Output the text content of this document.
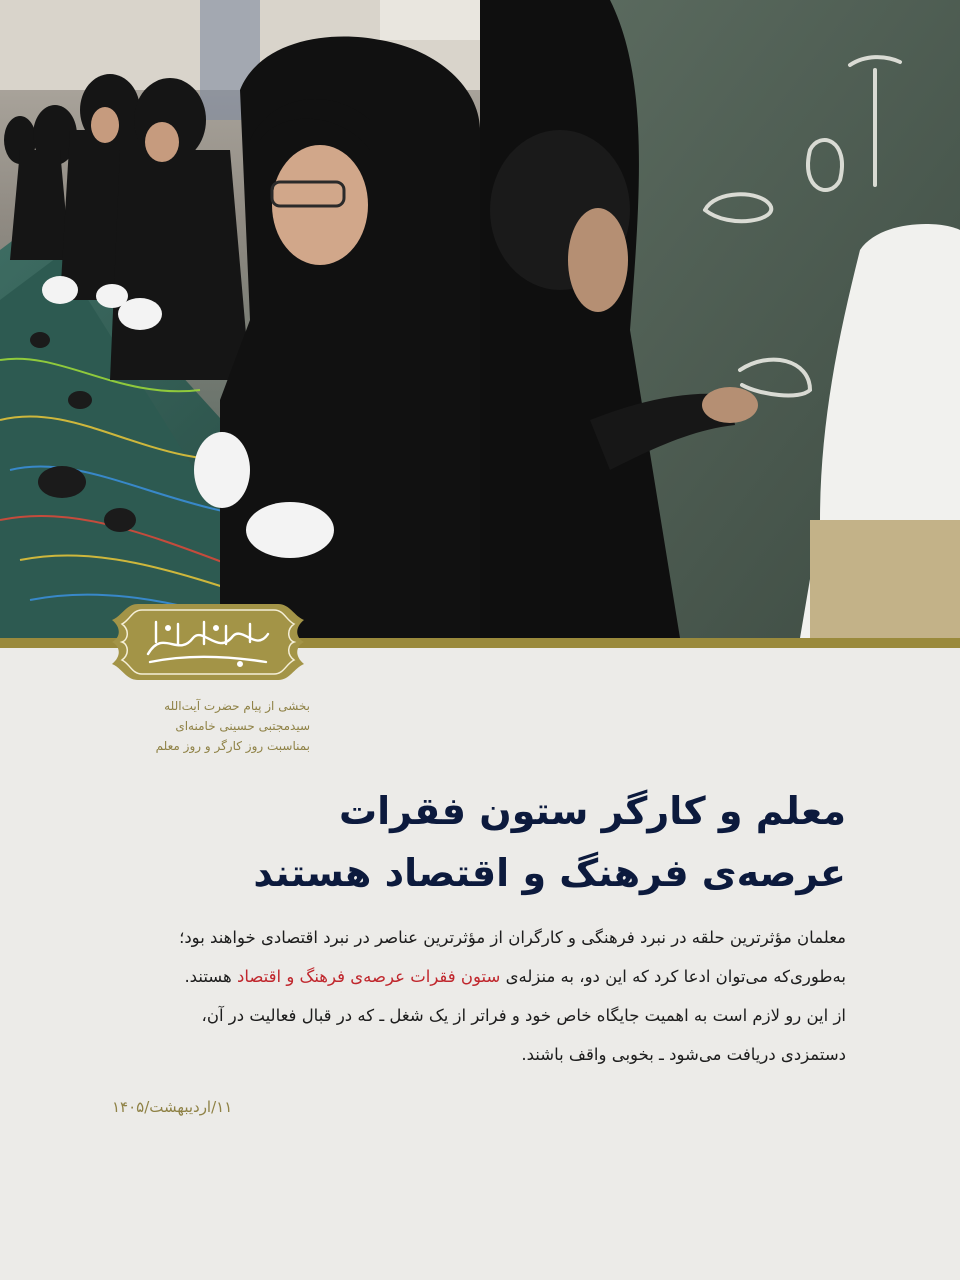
بخشی از پیام حضرت آیت‌الله
سیدمجتبی حسینی خامنه‌ای
بمناسبت روز کارگر و روز معلم
معلم و کارگر ستون فقرات
عرصه‌ی فرهنگ و اقتصاد هستند
معلمان مؤثرترین حلقه در نبرد فرهنگی و کارگران از مؤثرترین عناصر در نبرد اقتصادی خواهند بود؛
به‌طوری‌که می‌توان ادعا کرد که این دو، به منزله‌ی ستون فقرات عرصه‌ی فرهنگ و اقتصاد هستند.
از این رو لازم است به اهمیت جایگاه خاص خود و فراتر از یک شغل ـ که در قبال فعالیت در آن،
دستمزدی دریافت می‌شود ـ بخوبی واقف باشند.
۱۱/اردیبهشت/۱۴۰۵
